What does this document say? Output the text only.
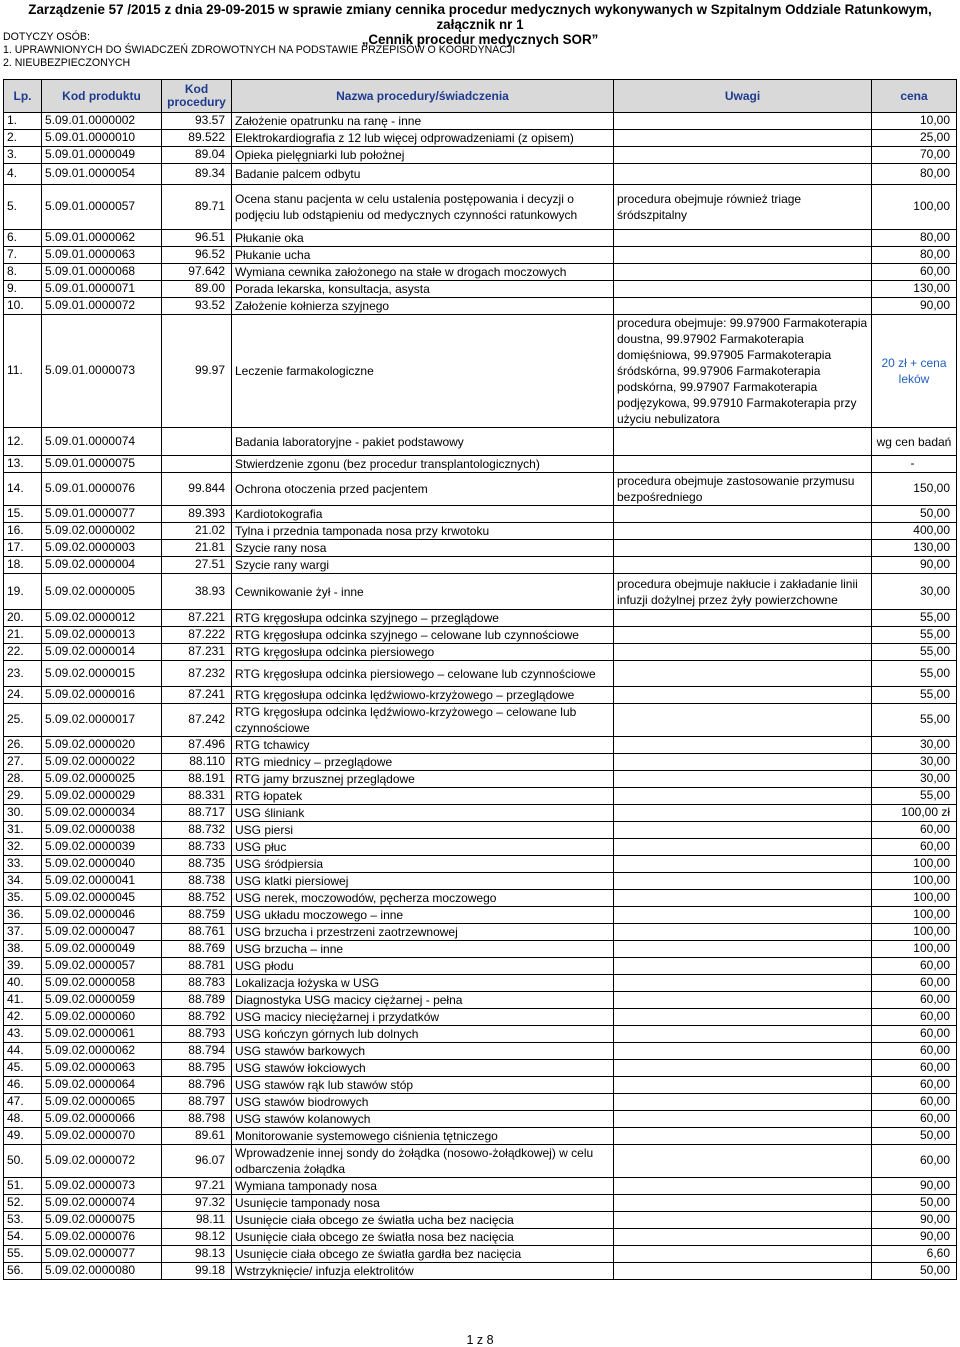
Zarządzenie 57 /2015 z dnia 29-09-2015 w sprawie zmiany cennika procedur medycznych wykonywanych w Szpitalnym Oddziale Ratunkowym, załącznik nr 1
„Cennik procedur medycznych SOR”
DOTYCZY OSÓB:
1. UPRAWNIONYCH DO ŚWIADCZEŃ ZDROWOTNYCH NA PODSTAWIE PRZEPISÓW O KOORDYNACJI
2. NIEUBEZPIECZONYCH
Lp.	Kod produktu	Kod procedury	Nazwa procedury/świadczenia	Uwagi	cena
1.	5.09.01.0000002	93.57	Założenie opatrunku na ranę - inne		10,00
2.	5.09.01.0000010	89.522	Elektrokardiografia z 12 lub więcej odprowadzeniami (z opisem)		25,00
3.	5.09.01.0000049	89.04	Opieka pielęgniarki lub położnej		70,00
4.	5.09.01.0000054	89.34	Badanie palcem odbytu		80,00
5.	5.09.01.0000057	89.71	Ocena stanu pacjenta w celu ustalenia postępowania i decyzji o podjęciu lub odstąpieniu od medycznych czynności ratunkowych	procedura obejmuje również triage śródszpitalny	100,00
6.	5.09.01.0000062	96.51	Płukanie oka		80,00
7.	5.09.01.0000063	96.52	Płukanie ucha		80,00
8.	5.09.01.0000068	97.642	Wymiana cewnika założonego na stałe w drogach moczowych		60,00
9.	5.09.01.0000071	89.00	Porada lekarska, konsultacja, asysta		130,00
10.	5.09.01.0000072	93.52	Założenie kołnierza szyjnego		90,00
11.	5.09.01.0000073	99.97	Leczenie farmakologiczne	procedura obejmuje: 99.97900 Farmakoterapia doustna, 99.97902 Farmakoterapia domięśniowa, 99.97905 Farmakoterapia śródskórna, 99.97906 Farmakoterapia podskórna, 99.97907 Farmakoterapia podjęzykowa, 99.97910 Farmakoterapia przy użyciu nebulizatora	20 zł + cena leków
12.	5.09.01.0000074		Badania laboratoryjne - pakiet podstawowy		wg cen badań
13.	5.09.01.0000075		Stwierdzenie zgonu (bez procedur transplantologicznych)		-
14.	5.09.01.0000076	99.844	Ochrona otoczenia przed pacjentem	procedura obejmuje zastosowanie przymusu bezpośredniego	150,00
15.	5.09.01.0000077	89.393	Kardiotokografia		50,00
16.	5.09.02.0000002	21.02	Tylna i przednia tamponada nosa przy krwotoku		400,00
17.	5.09.02.0000003	21.81	Szycie rany nosa		130,00
18.	5.09.02.0000004	27.51	Szycie rany wargi		90,00
19.	5.09.02.0000005	38.93	Cewnikowanie żył - inne	procedura obejmuje nakłucie i zakładanie linii infuzji dożylnej przez żyły powierzchowne	30,00
20.	5.09.02.0000012	87.221	RTG kręgosłupa odcinka szyjnego – przeglądowe		55,00
21.	5.09.02.0000013	87.222	RTG kręgosłupa odcinka szyjnego – celowane lub czynnościowe		55,00
22.	5.09.02.0000014	87.231	RTG kręgosłupa odcinka piersiowego		55,00
23.	5.09.02.0000015	87.232	RTG kręgosłupa odcinka piersiowego – celowane lub czynnościowe		55,00
24.	5.09.02.0000016	87.241	RTG kręgosłupa odcinka lędźwiowo-krzyżowego – przeglądowe		55,00
25.	5.09.02.0000017	87.242	RTG kręgosłupa odcinka lędźwiowo-krzyżowego – celowane lub czynnościowe		55,00
26.	5.09.02.0000020	87.496	RTG tchawicy		30,00
27.	5.09.02.0000022	88.110	RTG miednicy – przeglądowe		30,00
28.	5.09.02.0000025	88.191	RTG jamy brzusznej przeglądowe		30,00
29.	5.09.02.0000029	88.331	RTG łopatek		55,00
30.	5.09.02.0000034	88.717	USG śliniank		100,00 zł
31.	5.09.02.0000038	88.732	USG piersi		60,00
32.	5.09.02.0000039	88.733	USG płuc		60,00
33.	5.09.02.0000040	88.735	USG śródpiersia		100,00
34.	5.09.02.0000041	88.738	USG klatki piersiowej		100,00
35.	5.09.02.0000045	88.752	USG nerek, moczowodów, pęcherza moczowego		100,00
36.	5.09.02.0000046	88.759	USG układu moczowego – inne		100,00
37.	5.09.02.0000047	88.761	USG brzucha i przestrzeni zaotrzewnowej		100,00
38.	5.09.02.0000049	88.769	USG brzucha – inne		100,00
39.	5.09.02.0000057	88.781	USG płodu		60,00
40.	5.09.02.0000058	88.783	Lokalizacja łożyska w USG		60,00
41.	5.09.02.0000059	88.789	Diagnostyka USG macicy ciężarnej - pełna		60,00
42.	5.09.02.0000060	88.792	USG macicy nieciężarnej i przydatków		60,00
43.	5.09.02.0000061	88.793	USG kończyn górnych lub dolnych		60,00
44.	5.09.02.0000062	88.794	USG stawów barkowych		60,00
45.	5.09.02.0000063	88.795	USG stawów łokciowych		60,00
46.	5.09.02.0000064	88.796	USG stawów rąk lub stawów stóp		60,00
47.	5.09.02.0000065	88.797	USG stawów biodrowych		60,00
48.	5.09.02.0000066	88.798	USG stawów kolanowych		60,00
49.	5.09.02.0000070	89.61	Monitorowanie systemowego ciśnienia tętniczego		50,00
50.	5.09.02.0000072	96.07	Wprowadzenie innej sondy do żołądka (nosowo-żołądkowej) w celu odbarczenia żołądka		60,00
51.	5.09.02.0000073	97.21	Wymiana tamponady nosa		90,00
52.	5.09.02.0000074	97.32	Usunięcie tamponady nosa		50,00
53.	5.09.02.0000075	98.11	Usunięcie ciała obcego ze światła ucha bez nacięcia		90,00
54.	5.09.02.0000076	98.12	Usunięcie ciała obcego ze światła nosa bez nacięcia		90,00
55.	5.09.02.0000077	98.13	Usunięcie ciała obcego ze światła gardła bez nacięcia		6,60
56.	5.09.02.0000080	99.18	Wstrzyknięcie/ infuzja elektrolitów		50,00
1 z 8
